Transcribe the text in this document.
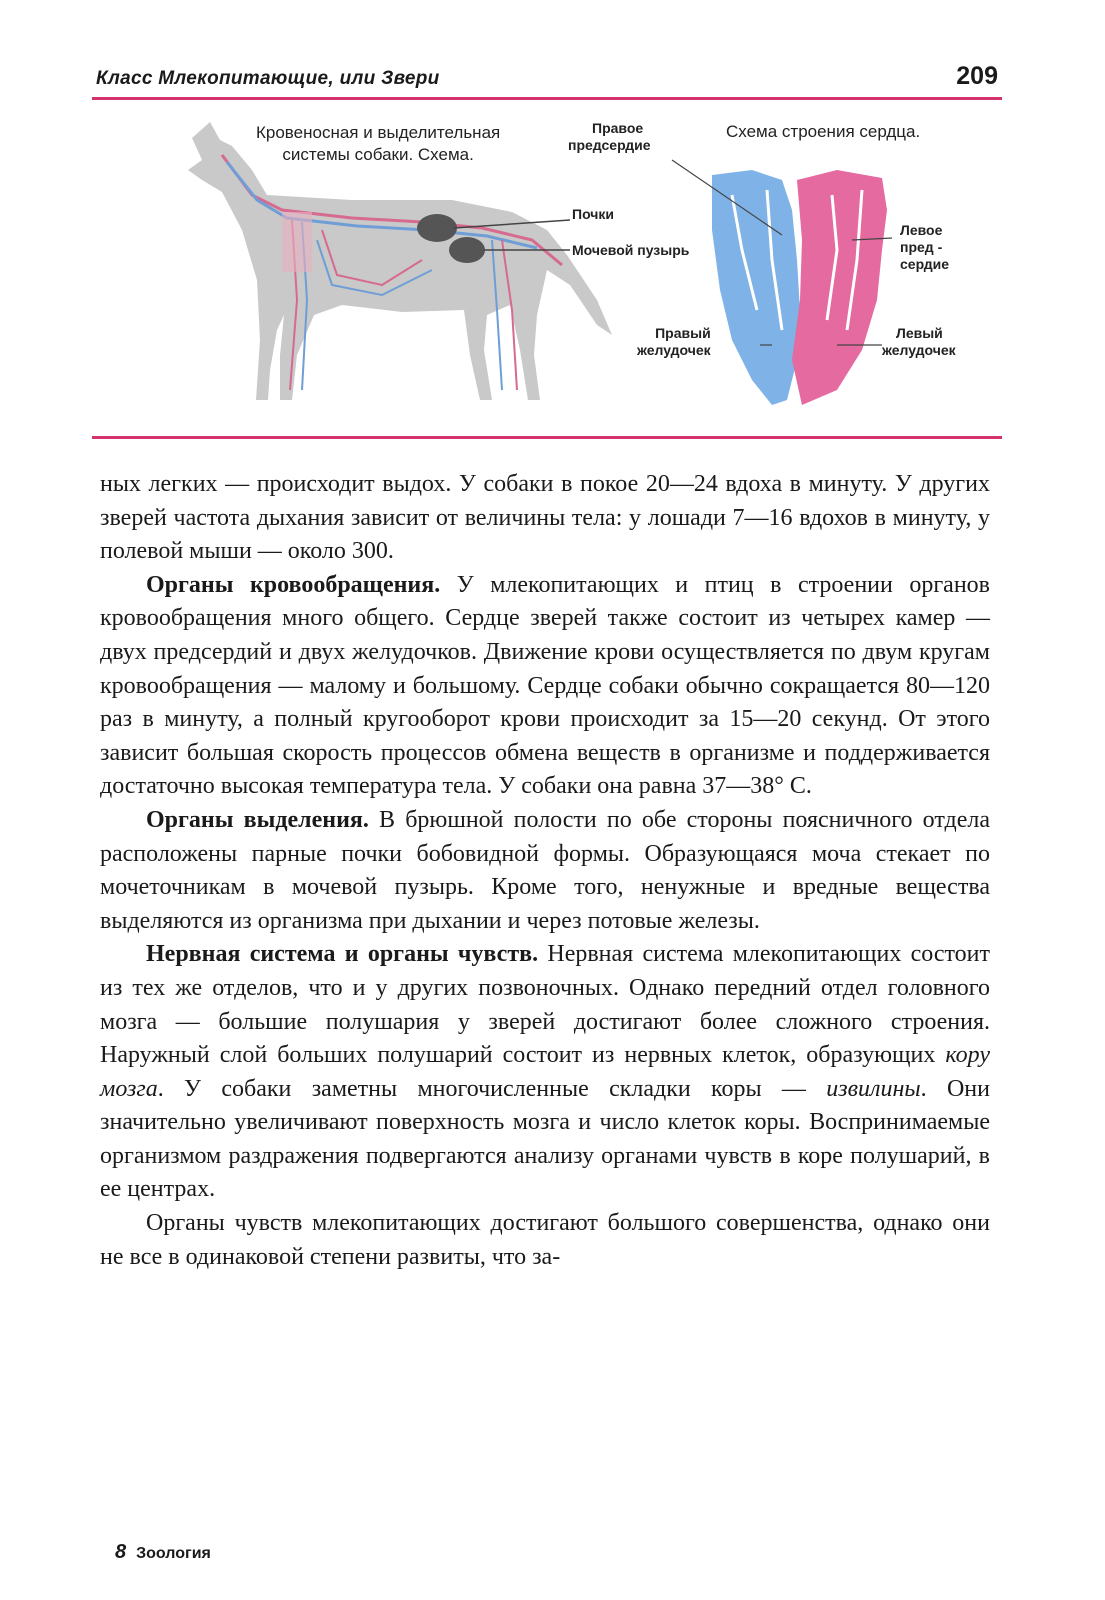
Класс Млекопитающие, или Звери	209
Кровеносная и выделительная
системы собаки. Схема.
Схема строения сердца.
Правое
предсердие
Почки
Мочевой пузырь
Левое
пред -
сердие
Правый
желудочек
Левый
желудочек

ных легких — происходит выдох. У собаки в покое 20—24 вдоха в минуту. У других зверей частота дыхания зависит от величины тела: у лошади 7—16 вдохов в минуту, у полевой мыши — около 300.

Органы кровообращения. У млекопитающих и птиц в строении органов кровообращения много общего. Сердце зверей также состоит из четырех камер — двух предсердий и двух желудочков. Движение крови осуществляется по двум кругам кровообращения — малому и большому. Сердце собаки обычно сокращается 80—120 раз в минуту, а полный кругооборот крови происходит за 15—20 секунд. От этого зависит большая скорость процессов обмена веществ в организме и поддерживается достаточно высокая температура тела. У собаки она равна 37—38° С.

Органы выделения. В брюшной полости по обе стороны поясничного отдела расположены парные почки бобовидной формы. Образующаяся моча стекает по мочеточникам в мочевой пузырь. Кроме того, ненужные и вредные вещества выделяются из организма при дыхании и через потовые железы.

Нервная система и органы чувств. Нервная система млекопитающих состоит из тех же отделов, что и у других позвоночных. Однако передний отдел головного мозга — большие полушария у зверей достигают более сложного строения. Наружный слой больших полушарий состоит из нервных клеток, образующих кору мозга. У собаки заметны многочисленные складки коры — извилины. Они значительно увеличивают поверхность мозга и число клеток коры. Воспринимаемые организмом раздражения подвергаются анализу органами чувств в коре полушарий, в ее центрах.

Органы чувств млекопитающих достигают большого совершенства, однако они не все в одинаковой степени развиты, что за-

8 Зоология
